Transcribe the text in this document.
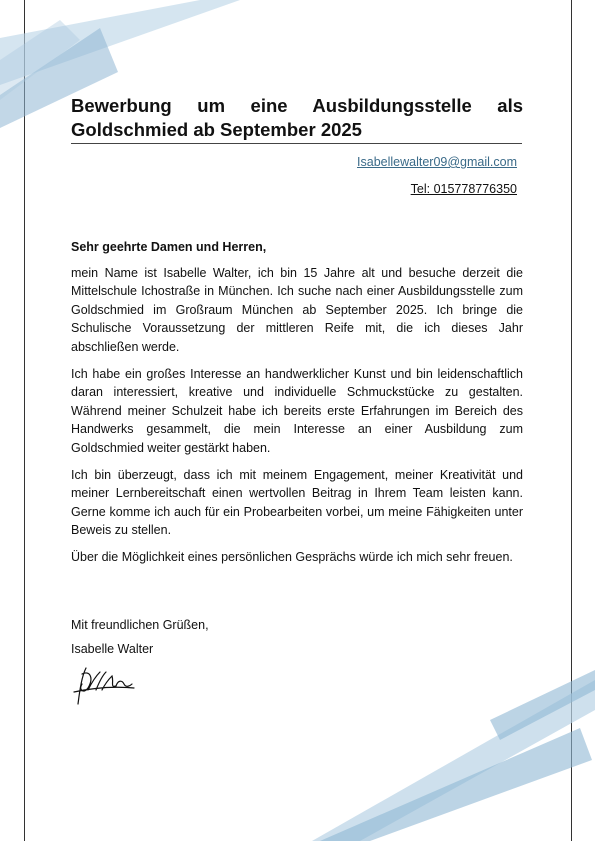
Bewerbung um eine Ausbildungsstelle als Goldschmied ab September 2025
Isabellewalter09@gmail.com
Tel: 015778776350

Sehr geehrte Damen und Herren,

mein Name ist Isabelle Walter, ich bin 15 Jahre alt und besuche derzeit die Mittelschule Ichostraße in München. Ich suche nach einer Ausbildungsstelle zum Goldschmied im Großraum München ab September 2025. Ich bringe die Schulische Voraussetzung der mittleren Reife mit, die ich dieses Jahr abschließen werde.

Ich habe ein großes Interesse an handwerklicher Kunst und bin leidenschaftlich daran interessiert, kreative und individuelle Schmuckstücke zu gestalten. Während meiner Schulzeit habe ich bereits erste Erfahrungen im Bereich des Handwerks gesammelt, die mein Interesse an einer Ausbildung zum Goldschmied weiter gestärkt haben.

Ich bin überzeugt, dass ich mit meinem Engagement, meiner Kreativität und meiner Lernbereitschaft einen wertvollen Beitrag in Ihrem Team leisten kann. Gerne komme ich auch für ein Probearbeiten vorbei, um meine Fähigkeiten unter Beweis zu stellen.

Über die Möglichkeit eines persönlichen Gesprächs würde ich mich sehr freuen.

Mit freundlichen Grüßen,
Isabelle Walter
